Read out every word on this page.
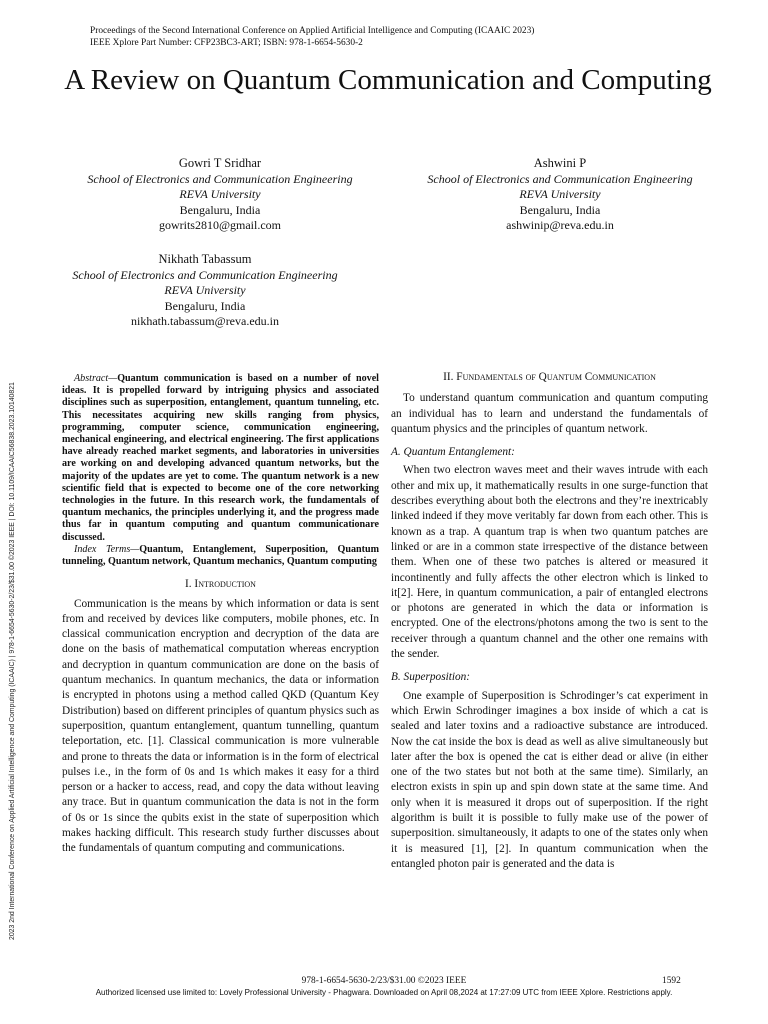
Proceedings of the Second International Conference on Applied Artificial Intelligence and Computing (ICAAIC 2023)
IEEE Xplore Part Number: CFP23BC3-ART; ISBN: 978-1-6654-5630-2
A Review on Quantum Communication and Computing
Gowri T Sridhar
School of Electronics and Communication Engineering
REVA University
Bengaluru, India
gowrits2810@gmail.com
Ashwini P
School of Electronics and Communication Engineering
REVA University
Bengaluru, India
ashwinip@reva.edu.in
Nikhath Tabassum
School of Electronics and Communication Engineering
REVA University
Bengaluru, India
nikhath.tabassum@reva.edu.in
2023 2nd International Conference on Applied Artificial Intelligence and Computing (ICAAIC) | 978-1-6654-5630-2/23/$31.00 ©2023 IEEE | DOI: 10.1109/ICAAIC56838.2023.10140821

Abstract—Quantum communication is based on a number of novel ideas. It is propelled forward by intriguing physics and associated disciplines such as superposition, entanglement, quantum tunneling, etc. This necessitates acquiring new skills ranging from physics, programming, computer science, communication engineering, mechanical engineering, and electrical engineering. The first applications have already reached market segments, and laboratories in universities are working on and developing advanced quantum networks, but the majority of the updates are yet to come. The quantum network is a new scientific field that is expected to become one of the core networking technologies in the future. In this research work, the fundamentals of quantum mechanics, the principles underlying it, and the progress made thus far in quantum computing and quantum communicationare discussed.

Index Terms—Quantum, Entanglement, Superposition, Quantum tunneling, Quantum network, Quantum mechanics, Quantum computing

I. Introduction

Communication is the means by which information or data is sent from and received by devices like computers, mobile phones, etc. In classical communication encryption and decryption of the data are done on the basis of mathematical computation whereas encryption and decryption in quantum communication are done on the basis of quantum mechanics. In quantum mechanics, the data or information is encrypted in photons using a method called QKD (Quantum Key Distribution) based on different principles of quantum physics such as superposition, quantum entanglement, quantum tunnelling, quantum teleportation, etc. [1]. Classical communication is more vulnerable and prone to threats the data or information is in the form of electrical pulses i.e., in the form of 0s and 1s which makes it easy for a third person or a hacker to access, read, and copy the data without leaving any trace. But in quantum communication the data is not in the form of 0s or 1s since the qubits exist in the state of superposition which makes hacking difficult. This research study further discusses about the fundamentals of quantum computing and communications.

II. Fundamentals of Quantum Communication

To understand quantum communication and quantum computing an individual has to learn and understand the fundamentals of quantum physics and the principles of quantum network.

A. Quantum Entanglement:

When two electron waves meet and their waves intrude with each other and mix up, it mathematically results in one surge-function that describes everything about both the electrons and they’re inextricably linked indeed if they move veritably far down from each other. This is known as a trap. A quantum trap is when two quantum patches are linked or are in a common state irrespective of the distance between them. When one of these two patches is altered or measured it incontinently and fully affects the other electron which is linked to it[2]. Here, in quantum communication, a pair of entangled electrons or photons are generated in which the data or information is encrypted. One of the electrons/photons among the two is sent to the receiver through a quantum channel and the other one remains with the sender.

B. Superposition:

One example of Superposition is Schrodinger’s cat experiment in which Erwin Schrodinger imagines a box inside of which a cat is sealed and later toxins and a radioactive substance are introduced. Now the cat inside the box is dead as well as alive simultaneously but later after the box is opened the cat is either dead or alive (in either one of the two states but not both at the same time). Similarly, an electron exists in spin up and spin down state at the same time. And only when it is measured it drops out of superposition. If the right algorithm is built it is possible to fully make use of the power of superposition. simultaneously, it adapts to one of the states only when it is measured [1], [2]. In quantum communication when the entangled photon pair is generated and the data is

978-1-6654-5630-2/23/$31.00 ©2023 IEEE	1592
Authorized licensed use limited to: Lovely Professional University - Phagwara. Downloaded on April 08,2024 at 17:27:09 UTC from IEEE Xplore. Restrictions apply.
